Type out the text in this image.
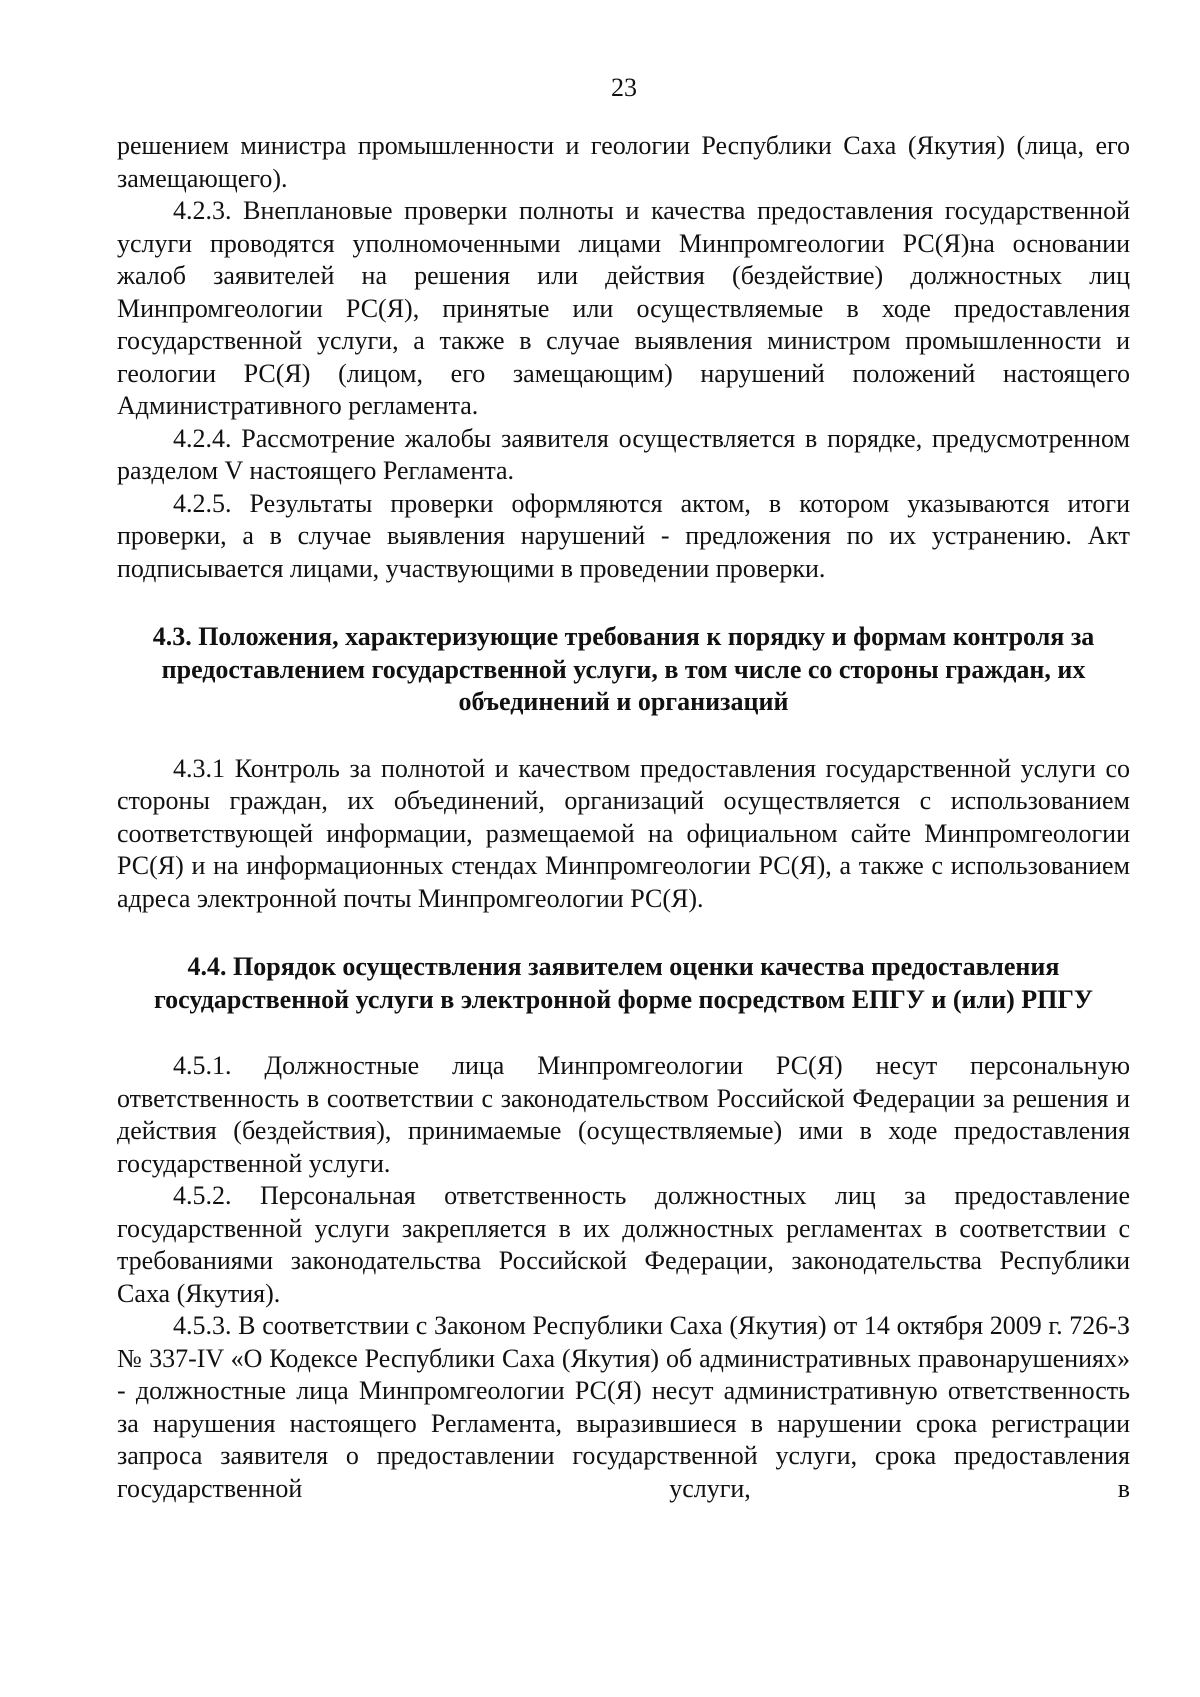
23

решением министра промышленности и геологии Республики Саха (Якутия) (лица, его замещающего).

4.2.3. Внеплановые проверки полноты и качества предоставления государственной услуги проводятся уполномоченными лицами Минпромгеологии РС(Я)на основании жалоб заявителей на решения или действия (бездействие) должностных лиц Минпромгеологии РС(Я), принятые или осуществляемые в ходе предоставления государственной услуги, а также в случае выявления министром промышленности и геологии РС(Я) (лицом, его замещающим) нарушений положений настоящего Административного регламента.

4.2.4. Рассмотрение жалобы заявителя осуществляется в порядке, предусмотренном разделом V настоящего Регламента.

4.2.5. Результаты проверки оформляются актом, в котором указываются итоги проверки, а в случае выявления нарушений - предложения по их устранению. Акт подписывается лицами, участвующими в проведении проверки.

4.3. Положения, характеризующие требования к порядку и формам контроля за предоставлением государственной услуги, в том числе со стороны граждан, их объединений и организаций

4.3.1 Контроль за полнотой и качеством предоставления государственной услуги со стороны граждан, их объединений, организаций осуществляется с использованием соответствующей информации, размещаемой на официальном сайте Минпромгеологии РС(Я) и на информационных стендах Минпромгеологии РС(Я), а также с использованием адреса электронной почты Минпромгеологии РС(Я).

4.4. Порядок осуществления заявителем оценки качества предоставления государственной услуги в электронной форме посредством ЕПГУ и (или) РПГУ

4.5.1. Должностные лица Минпромгеологии РС(Я) несут персональную ответственность в соответствии с законодательством Российской Федерации за решения и действия (бездействия), принимаемые (осуществляемые) ими в ходе предоставления государственной услуги.

4.5.2. Персональная ответственность должностных лиц за предоставление государственной услуги закрепляется в их должностных регламентах в соответствии с требованиями законодательства Российской Федерации, законодательства Республики Саха (Якутия).

4.5.3. В соответствии с Законом Республики Саха (Якутия) от 14 октября 2009 г. 726-З № 337-IV «О Кодексе Республики Саха (Якутия) об административных правонарушениях» - должностные лица Минпромгеологии РС(Я) несут административную ответственность за нарушения настоящего Регламента, выразившиеся в нарушении срока регистрации запроса заявителя о предоставлении государственной услуги, срока предоставления государственной услуги, в
